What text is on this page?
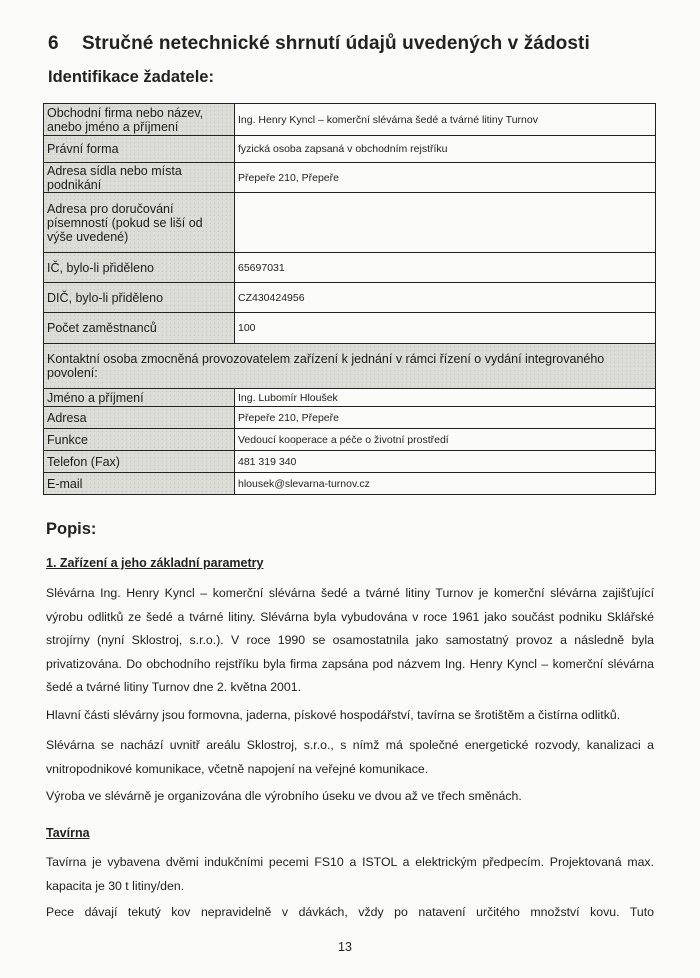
6 Stručné netechnické shrnutí údajů uvedených v žádosti
Identifikace žadatele:
Obchodní firma nebo název, anebo jméno a příjmení	Ing. Henry Kyncl – komerční slévárna šedé a tvárné litiny Turnov
Právní forma	fyzická osoba zapsaná v obchodním rejstříku
Adresa sídla nebo místa podnikání	Přepeře 210, Přepeře
Adresa pro doručování písemností (pokud se liší od výše uvedené)	
IČ, bylo-li přiděleno	65697031
DIČ, bylo-li přiděleno	CZ430424956
Počet zaměstnanců	100
Kontaktní osoba zmocněná provozovatelem zařízení k jednání v rámci řízení o vydání integrovaného povolení:	
Jméno a příjmení	Ing. Lubomír Hloušek
Adresa	Přepeře 210, Přepeře
Funkce	Vedoucí kooperace a péče o životní prostředí
Telefon (Fax)	481 319 340
E-mail	hlousek@slevarna-turnov.cz
Popis:
1. Zařízení a jeho základní parametry
Slévárna Ing. Henry Kyncl – komerční slévárna šedé a tvárné litiny Turnov je komerční slévárna zajišťující výrobu odlitků ze šedé a tvárné litiny. Slévárna byla vybudována v roce 1961 jako součást podniku Sklářské strojírny (nyní Sklostroj, s.r.o.). V roce 1990 se osamostatnila jako samostatný provoz a následně byla privatizována. Do obchodního rejstříku byla firma zapsána pod názvem Ing. Henry Kyncl – komerční slévárna šedé a tvárné litiny Turnov dne 2. května 2001.
Hlavní části slévárny jsou formovna, jaderna, pískové hospodářství, tavírna se šrotištěm a čistírna odlitků.
Slévárna se nachází uvnitř areálu Sklostroj, s.r.o., s nímž má společné energetické rozvody, kanalizaci a vnitropodnikové komunikace, včetně napojení na veřejné komunikace.
Výroba ve slévárně je organizována dle výrobního úseku ve dvou až ve třech směnách.
Tavírna
Tavírna je vybavena dvěmi indukčními pecemi FS10 a ISTOL a elektrickým předpecím. Projektovaná max. kapacita je 30 t litiny/den.
Pece dávají tekutý kov nepravidelně v dávkách, vždy po natavení určitého množství kovu. Tuto
13
